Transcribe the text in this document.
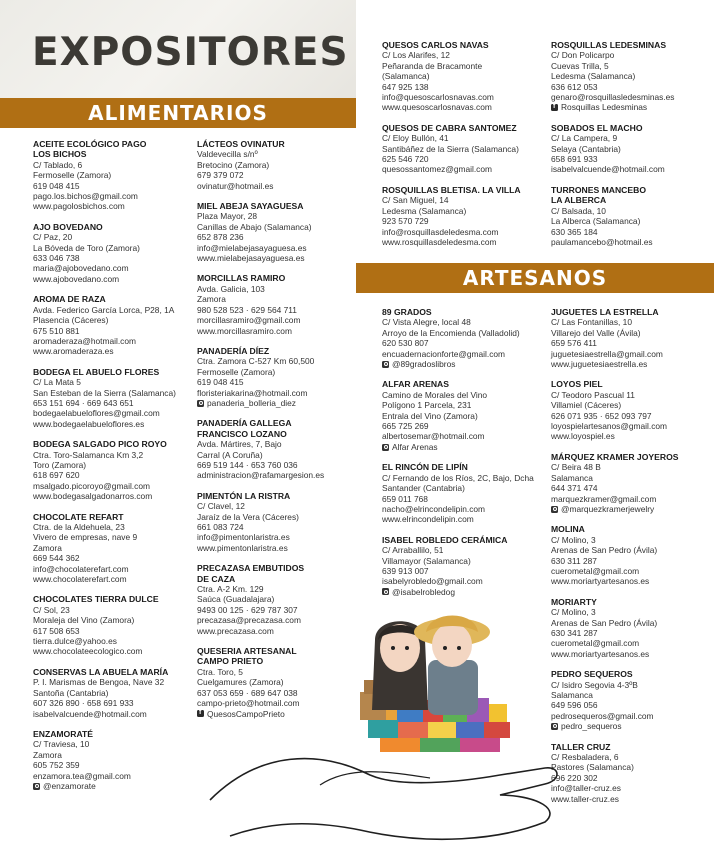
EXPOSITORES
ALIMENTARIOS
ARTESANOS
ACEITE ECOLÓGICO PAGO
LOS BICHOS
C/ Tablado, 6
Fermoselle (Zamora)
619 048 415
pago.los.bichos@gmail.com
www.pagolosbichos.com
AJO BOVEDANO
C/ Paz, 20
La Bóveda de Toro (Zamora)
633 046 738
maria@ajobovedano.com
www.ajobovedano.com
AROMA DE RAZA
Avda. Federico García Lorca, P28, 1A
Plasencia (Cáceres)
675 510 881
aromaderaza@hotmail.com
www.aromaderaza.es
BODEGA EL ABUELO FLORES
C/ La Mata 5
San Esteban de la Sierra (Salamanca)
653 151 694 · 669 643 651
bodegaelabueloflores@gmail.com
www.bodegaelabueloflores.es
BODEGA SALGADO PICO ROYO
Ctra. Toro-Salamanca Km 3,2
Toro (Zamora)
618 697 620
msalgado.picoroyo@gmail.com
www.bodegasalgadonarros.com
CHOCOLATE REFART
Ctra. de la Aldehuela, 23
Vivero de empresas, nave 9
Zamora
669 544 362
info@chocolaterefart.com
www.chocolaterefart.com
CHOCOLATES TIERRA DULCE
C/ Sol, 23
Moraleja del Vino (Zamora)
617 508 653
tierra.dulce@yahoo.es
www.chocolateecologico.com
CONSERVAS LA ABUELA MARÍA
P. I. Marismas de Bengoa, Nave 32
Santoña (Cantabria)
607 326 890 · 658 691 933
isabelvalcuende@hotmail.com
ENZAMORATÉ
C/ Traviesa, 10
Zamora
605 752 359
enzamora.tea@gmail.com
@enzamorate
LÁCTEOS OVINATUR
Valdevecilla s/nº
Bretocino (Zamora)
679 379 072
ovinatur@hotmail.es
MIEL ABEJA SAYAGUESA
Plaza Mayor, 28
Canillas de Abajo (Salamanca)
652 878 236
info@mielabejasayaguesa.es
www.mielabejasayaguesa.es
MORCILLAS RAMIRO
Avda. Galicia, 103
Zamora
980 528 523 · 629 564 711
morcillasramiro@gmail.com
www.morcillasramiro.com
PANADERÍA DÍEZ
Ctra. Zamora C-527 Km 60,500
Fermoselle (Zamora)
619 048 415
floristeriakarina@hotmail.com
panaderia_bolleria_diez
PANADERÍA GALLEGA
FRANCISCO LOZANO
Avda. Mártires, 7, Bajo
Carral (A Coruña)
669 519 144 · 653 760 036
administracion@rafamargesion.es
PIMENTÓN LA RISTRA
C/ Clavel, 12
Jaraíz de la Vera (Cáceres)
661 083 724
info@pimentonlaristra.es
www.pimentonlaristra.es
PRECAZASA EMBUTIDOS
DE CAZA
Ctra. A-2 Km. 129
Saúca (Guadalajara)
9493 00 125 · 629 787 307
precazasa@precazasa.com
www.precazasa.com
QUESERIA ARTESANAL
CAMPO PRIETO
Ctra. Toro, 5
Cuelgamures (Zamora)
637 053 659 · 689 647 038
campo-prieto@hotmail.com
f
QuesosCampoPrieto
QUESOS CARLOS NAVAS
C/ Los Alarifes, 12
Peñaranda de Bracamonte
(Salamanca)
647 925 138
info@quesoscarlosnavas.com
www.quesoscarlosnavas.com
QUESOS DE CABRA SANTOMEZ
C/ Eloy Bullón, 41
Santibáñez de la Sierra (Salamanca)
625 546 720
quesossantomez@gmail.com
ROSQUILLAS BLETISA. LA VILLA
C/ San Miguel, 14
Ledesma (Salamanca)
923 570 729
info@rosquillasdeledesma.com
www.rosquillasdeledesma.com
ROSQUILLAS LEDESMINAS
C/ Don Policarpo
Cuevas Trilla, 5
Ledesma (Salamanca)
636 612 053
genaro@rosquillasledesminas.es
f
Rosquillas Ledesminas
SOBADOS EL MACHO
C/ La Campera, 9
Selaya (Cantabria)
658 691 933
isabelvalcuende@hotmail.com
TURRONES MANCEBO
LA ALBERCA
C/ Balsada, 10
La Alberca (Salamanca)
630 365 184
paulamancebo@hotmail.es
89 GRADOS
C/ Vista Alegre, local 48
Arroyo de la Encomienda (Valladolid)
620 530 807
encuadernacionforte@gmail.com
@89gradoslibros
ALFAR ARENAS
Camino de Morales del Vino
Polígono 1 Parcela, 231
Entrala del Vino (Zamora)
665 725 269
albertosemar@hotmail.com
Alfar Arenas
EL RINCÓN DE LIPÍN
C/ Fernando de los Ríos, 2C, Bajo, Dcha
Santander (Cantabria)
659 011 768
nacho@elrincondelipin.com
www.elrincondelipin.com
ISABEL ROBLEDO CERÁMICA
C/ Arraballilo, 51
Villamayor (Salamanca)
639 913 007
isabelyrobledo@gmail.com
@isabelrobledog
JUGUETES LA ESTRELLA
C/ Las Fontanillas, 10
Villarejo del Valle (Ávila)
659 576 411
juguetesiaestrella@gmail.com
www.juguetesiaestrella.es
LOYOS PIEL
C/ Teodoro Pascual 11
Villamiel (Cáceres)
626 071 935 · 652 093 797
loyospielartesanos@gmail.com
www.loyospiel.es
MÁRQUEZ KRAMER JOYEROS
C/ Beira 48 B
Salamanca
644 371 474
marquezkramer@gmail.com
@marquezkramerjewelry
MOLINA
C/ Molino, 3
Arenas de San Pedro (Ávila)
630 311 287
cuerometal@gmail.com
www.moriartyartesanos.es
MORIARTY
C/ Molino, 3
Arenas de San Pedro (Ávila)
630 341 287
cuerometal@gmail.com
www.moriartyartesanos.es
PEDRO SEQUEROS
C/ Isidro Segovia 4-3ºB
Salamanca
649 596 056
pedrosequeros@gmail.com
pedro_sequeros
TALLER CRUZ
C/ Resbaladera, 6
Pastores (Salamanca)
696 220 302
info@taller-cruz.es
www.taller-cruz.es
